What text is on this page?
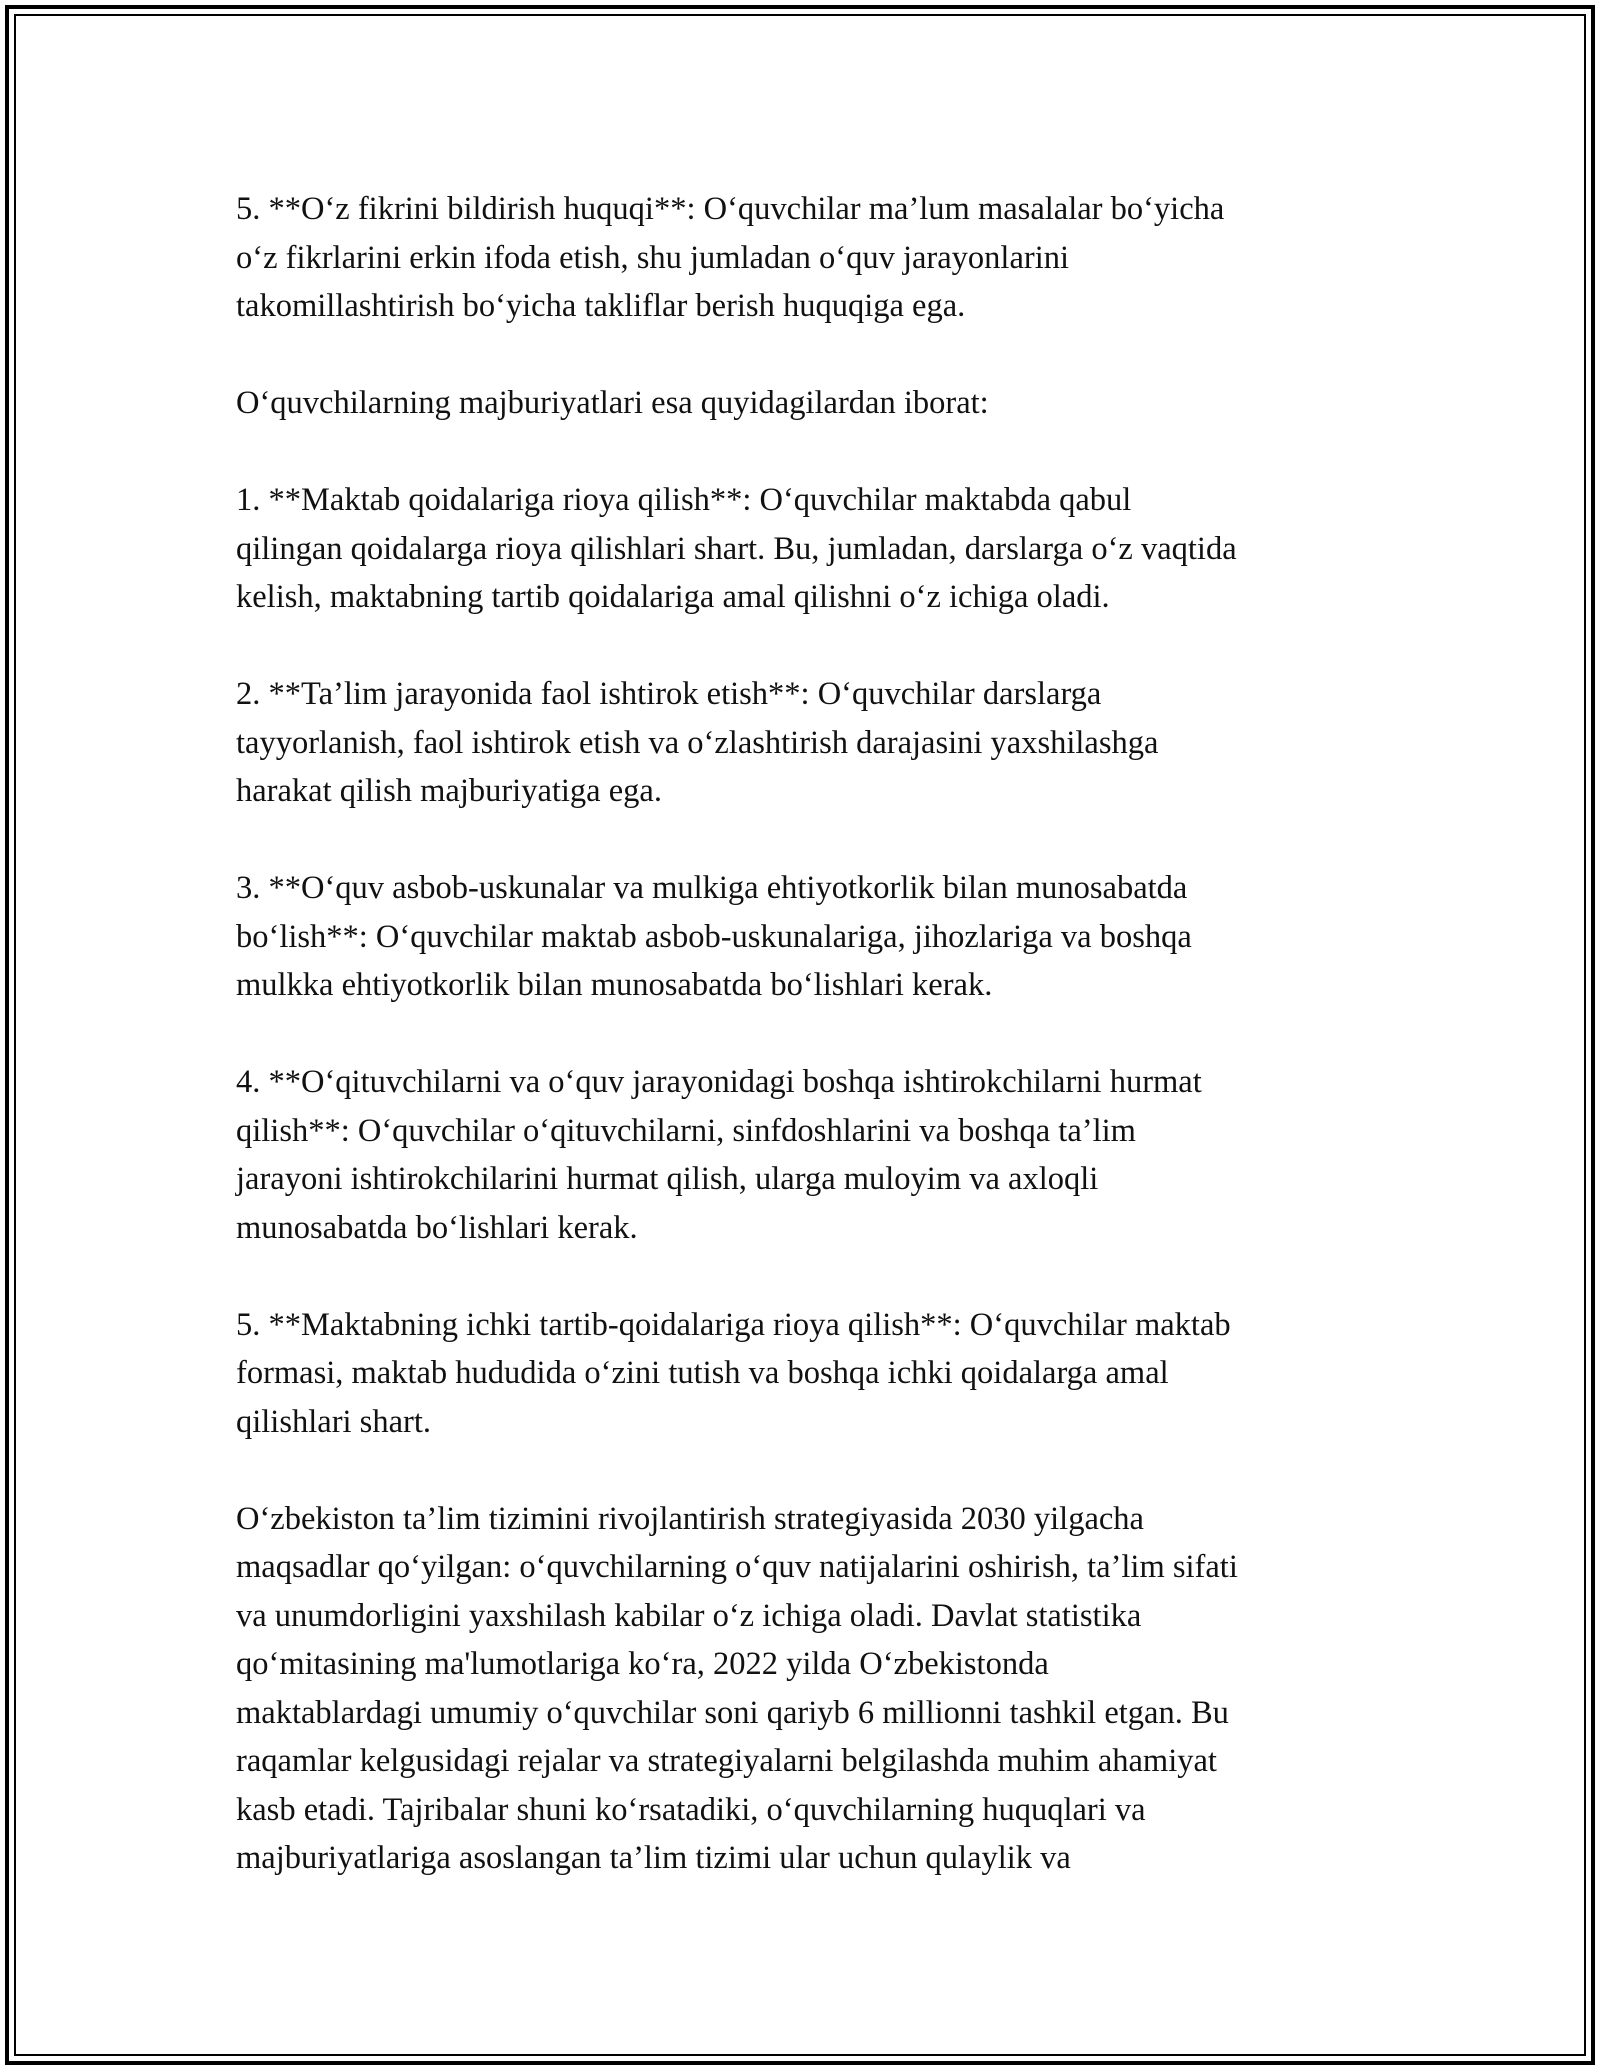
5. **O‘z fikrini bildirish huquqi**: O‘quvchilar ma’lum masalalar bo‘yicha
o‘z fikrlarini erkin ifoda etish, shu jumladan o‘quv jarayonlarini
takomillashtirish bo‘yicha takliflar berish huquqiga ega.

O‘quvchilarning majburiyatlari esa quyidagilardan iborat:

1. **Maktab qoidalariga rioya qilish**: O‘quvchilar maktabda qabul
qilingan qoidalarga rioya qilishlari shart. Bu, jumladan, darslarga o‘z vaqtida
kelish, maktabning tartib qoidalariga amal qilishni o‘z ichiga oladi.

2. **Ta’lim jarayonida faol ishtirok etish**: O‘quvchilar darslarga
tayyorlanish, faol ishtirok etish va o‘zlashtirish darajasini yaxshilashga
harakat qilish majburiyatiga ega.

3. **O‘quv asbob-uskunalar va mulkiga ehtiyotkorlik bilan munosabatda
bo‘lish**: O‘quvchilar maktab asbob-uskunalariga, jihozlariga va boshqa
mulkka ehtiyotkorlik bilan munosabatda bo‘lishlari kerak.

4. **O‘qituvchilarni va o‘quv jarayonidagi boshqa ishtirokchilarni hurmat
qilish**: O‘quvchilar o‘qituvchilarni, sinfdoshlarini va boshqa ta’lim
jarayoni ishtirokchilarini hurmat qilish, ularga muloyim va axloqli
munosabatda bo‘lishlari kerak.

5. **Maktabning ichki tartib-qoidalariga rioya qilish**: O‘quvchilar maktab
formasi, maktab hududida o‘zini tutish va boshqa ichki qoidalarga amal
qilishlari shart.

O‘zbekiston ta’lim tizimini rivojlantirish strategiyasida 2030 yilgacha
maqsadlar qo‘yilgan: o‘quvchilarning o‘quv natijalarini oshirish, ta’lim sifati
va unumdorligini yaxshilash kabilar o‘z ichiga oladi. Davlat statistika
qo‘mitasining ma'lumotlariga ko‘ra, 2022 yilda O‘zbekistonda
maktablardagi umumiy o‘quvchilar soni qariyb 6 millionni tashkil etgan. Bu
raqamlar kelgusidagi rejalar va strategiyalarni belgilashda muhim ahamiyat
kasb etadi. Tajribalar shuni ko‘rsatadiki, o‘quvchilarning huquqlari va
majburiyatlariga asoslangan ta’lim tizimi ular uchun qulaylik va
